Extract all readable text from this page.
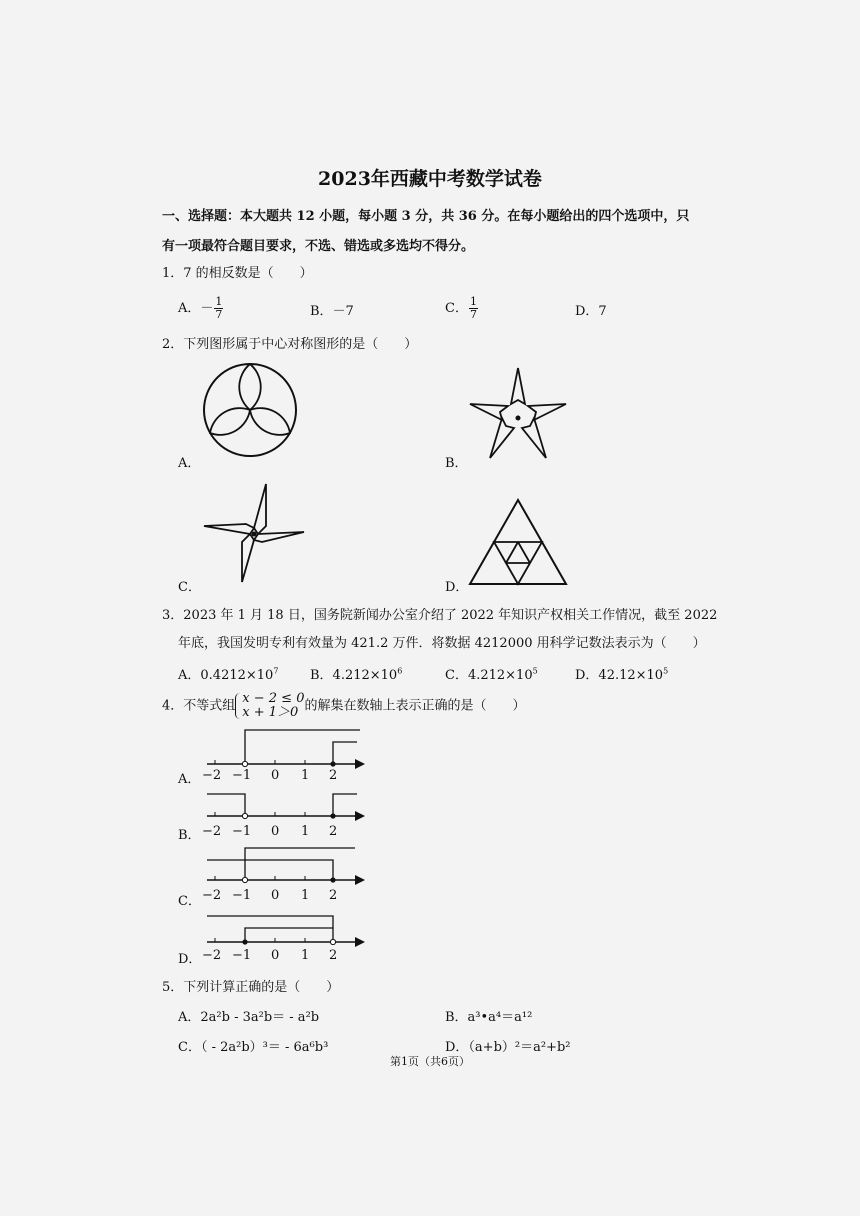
2023年西藏中考数学试卷
一、选择题：本大题共 12 小题，每小题 3 分，共 36 分。在每小题给出的四个选项中，只
有一项最符合题目要求，不选、错选或多选均不得分。
1．7 的相反数是（　　）
A．－ $\frac{1}{7}$	B．－7	C． $\frac{1}{7}$	D．7
2．下列图形属于中心对称图形的是（　　）
A．	B．
C．	D．
3．2023 年 1 月 18 日，国务院新闻办公室介绍了 2022 年知识产权相关工作情况，截至 2022
年底，我国发明专利有效量为 421.2 万件．将数据 4212000 用科学记数法表示为（　　）
A．$0.4212\times 10^7$ B．$4.212\times 10^6$	C．$4.212\times 10^5$	D．$42.12\times 10^5$
4．不等式组 x − 2 ≤ 0
x + 1＞0 的解集在数轴上表示正确的是（　　）
A． −2 −1 0 1 2
B． −2 −1 0 1 2
C． −2 −1 0 1 2
D． −2 −1 0 1 2
5．下列计算正确的是（　　）
A．2a²b - 3a²b＝ - a²b	B．a³•a⁴＝a¹²
C．（ - 2a²b）³＝ - 6a⁶b³	D．（a+b）²＝a²+b²
第1页（共6页）
